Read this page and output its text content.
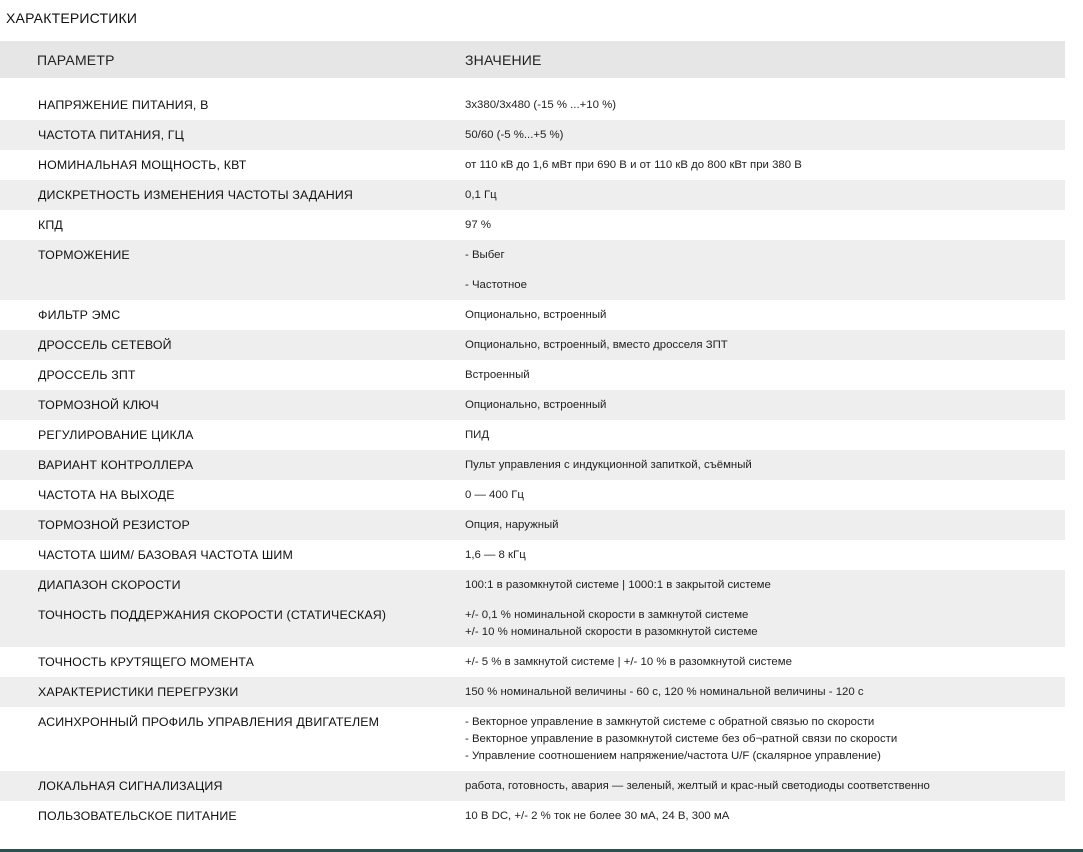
ХАРАКТЕРИСТИКИ
ПАРАМЕТР	ЗНАЧЕНИЕ

НАПРЯЖЕНИЕ ПИТАНИЯ, В	3х380/3х480 (-15 % ...+10 %)

ЧАСТОТА ПИТАНИЯ, ГЦ	50/60 (-5 %...+5 %)

НОМИНАЛЬНАЯ МОЩНОСТЬ, КВТ	от 110 кВ до 1,6 мВт при 690 В и от 110 кВ до 800 кВт при 380 В

ДИСКРЕТНОСТЬ ИЗМЕНЕНИЯ ЧАСТОТЫ ЗАДАНИЯ	0,1 Гц

КПД	97 %

ТОРМОЖЕНИЕ	- Выбег

	- Частотное

ФИЛЬТР ЭМС	Опционально, встроенный

ДРОССЕЛЬ СЕТЕВОЙ	Опционально, встроенный, вместо дросселя ЗПТ

ДРОССЕЛЬ ЗПТ	Встроенный

ТОРМОЗНОЙ КЛЮЧ	Опционально, встроенный

РЕГУЛИРОВАНИЕ ЦИКЛА	ПИД

ВАРИАНТ КОНТРОЛЛЕРА	Пульт управления с индукционной запиткой, съёмный

ЧАСТОТА НА ВЫХОДЕ	0 — 400 Гц

ТОРМОЗНОЙ РЕЗИСТОР	Опция, наружный

ЧАСТОТА ШИМ/ БАЗОВАЯ ЧАСТОТА ШИМ	1,6 — 8 кГц

ДИАПАЗОН СКОРОСТИ	100:1 в разомкнутой системе | 1000:1 в закрытой системе

ТОЧНОСТЬ ПОДДЕРЖАНИЯ СКОРОСТИ (СТАТИЧЕСКАЯ)	+/- 0,1 % номинальной скорости в замкнутой системе
+/- 10 % номинальной скорости в разомкнутой системе

ТОЧНОСТЬ КРУТЯЩЕГО МОМЕНТА	+/- 5 % в замкнутой системе | +/- 10 % в разомкнутой системе

ХАРАКТЕРИСТИКИ ПЕРЕГРУЗКИ	150 % номинальной величины - 60 с, 120 % номинальной величины - 120 с

АСИНХРОННЫЙ ПРОФИЛЬ УПРАВЛЕНИЯ ДВИГАТЕЛЕМ	- Векторное управление в замкнутой системе с обратной связью по скорости
- Векторное управление в разомкнутой системе без об¬ратной связи по скорости
- Управление соотношением напряжение/частота U/F (скалярное управление)

ЛОКАЛЬНАЯ СИГНАЛИЗАЦИЯ	работа, готовность, авария — зеленый, желтый и крас-ный светодиоды соответственно

ПОЛЬЗОВАТЕЛЬСКОЕ ПИТАНИЕ	10 В DC, +/- 2 % ток не более 30 мА, 24 В, 300 мА
